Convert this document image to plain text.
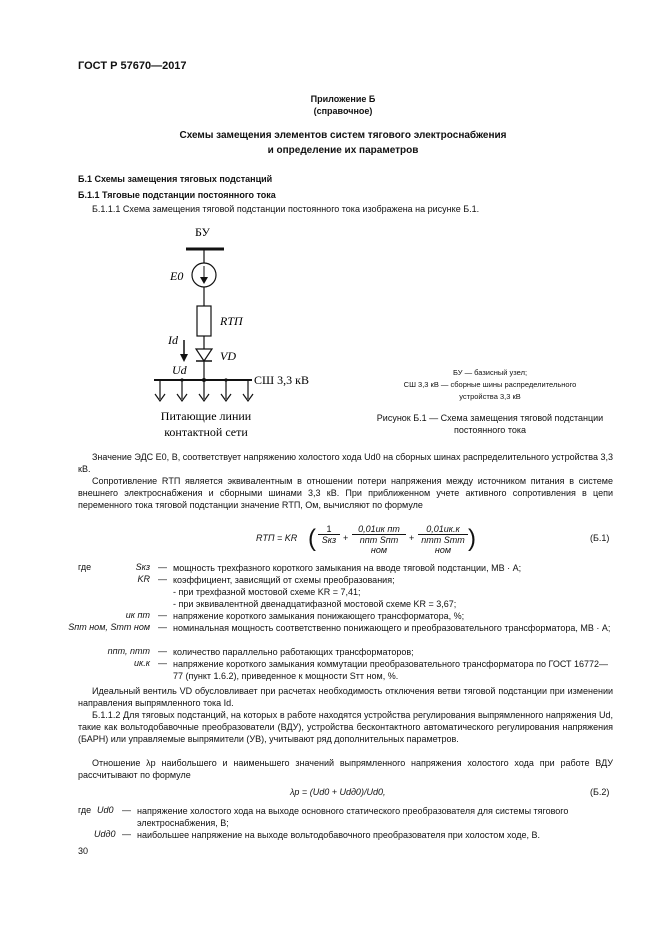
ГОСТ Р 57670—2017
Приложение Б
(справочное)
Схемы замещения элементов систем тягового электроснабжения
и определение их параметров
Б.1 Схемы замещения тяговых подстанций
Б.1.1 Тяговые подстанции постоянного тока
Б.1.1.1 Схема замещения тяговой подстанции постоянного тока изображена на рисунке Б.1.
БУ
E0
RТП
Id
VD
Ud
СШ 3,3 кВ
Питающие линии
контактной сети
БУ — базисный узел;
СШ 3,3 кВ — сборные шины распределительного
устройства 3,3 кВ
Рисунок Б.1 — Схема замещения тяговой подстанции
постоянного тока
Значение ЭДС E0, В, соответствует напряжению холостого хода Ud0 на сборных шинах распределительного устройства 3,3 кВ.
Сопротивление RТП является эквивалентным в отношении потери напряжения между источником питания в системе внешнего электроснабжения и сборными шинами 3,3 кВ. При приближенном учете активного сопротивления в цепи переменного тока тяговой подстанции значение RТП, Ом, вычисляют по формуле
RТП = KR (	1
Sкз +
0,01uк пт
nпт Sпт ном
+
0,01uк.к
nтт Sтт ном )	(Б.1)
где	Sкз — мощность трехфазного короткого замыкания на вводе тяговой подстанции, МВ · А;
KR — коэффициент, зависящий от схемы преобразования;
- при трехфазной мостовой схеме KR = 7,41;
- при эквивалентной двенадцатифазной мостовой схеме KR = 3,67;
uк пт — напряжение короткого замыкания понижающего трансформатора, %;
Sпт ном, Sтт ном — номинальная мощность соответственно понижающего и преобразовательного трансформатора, МВ · А;
nпт, nтт — количество параллельно работающих трансформаторов;
uк.к — напряжение короткого замыкания коммутации преобразовательного трансформатора по ГОСТ 16772—77 (пункт 1.6.2), приведенное к мощности Sтт ном, %.
Идеальный вентиль VD обусловливает при расчетах необходимость отключения ветви тяговой подстанции при изменении направления выпрямленного тока Id.
Б.1.1.2 Для тяговых подстанций, на которых в работе находятся устройства регулирования выпрямленного напряжения Ud, такие как вольтодобавочные преобразователи (ВДУ), устройства бесконтактного автоматического регулирования напряжения (БАРН) или управляемые выпрямители (УВ), учитывают ряд дополнительных параметров.
Отношение λр наибольшего и наименьшего значений выпрямленного напряжения холостого хода при работе ВДУ рассчитывают по формуле
λр = (Ud0 + Udд0)/Ud0,	(Б.2)
где Ud0 — напряжение холостого хода на выходе основного статического преобразователя для системы тягового электроснабжения, В;
Udд0 — наибольшее напряжение на выходе вольтодобавочного преобразователя при холостом ходе, В.
30
